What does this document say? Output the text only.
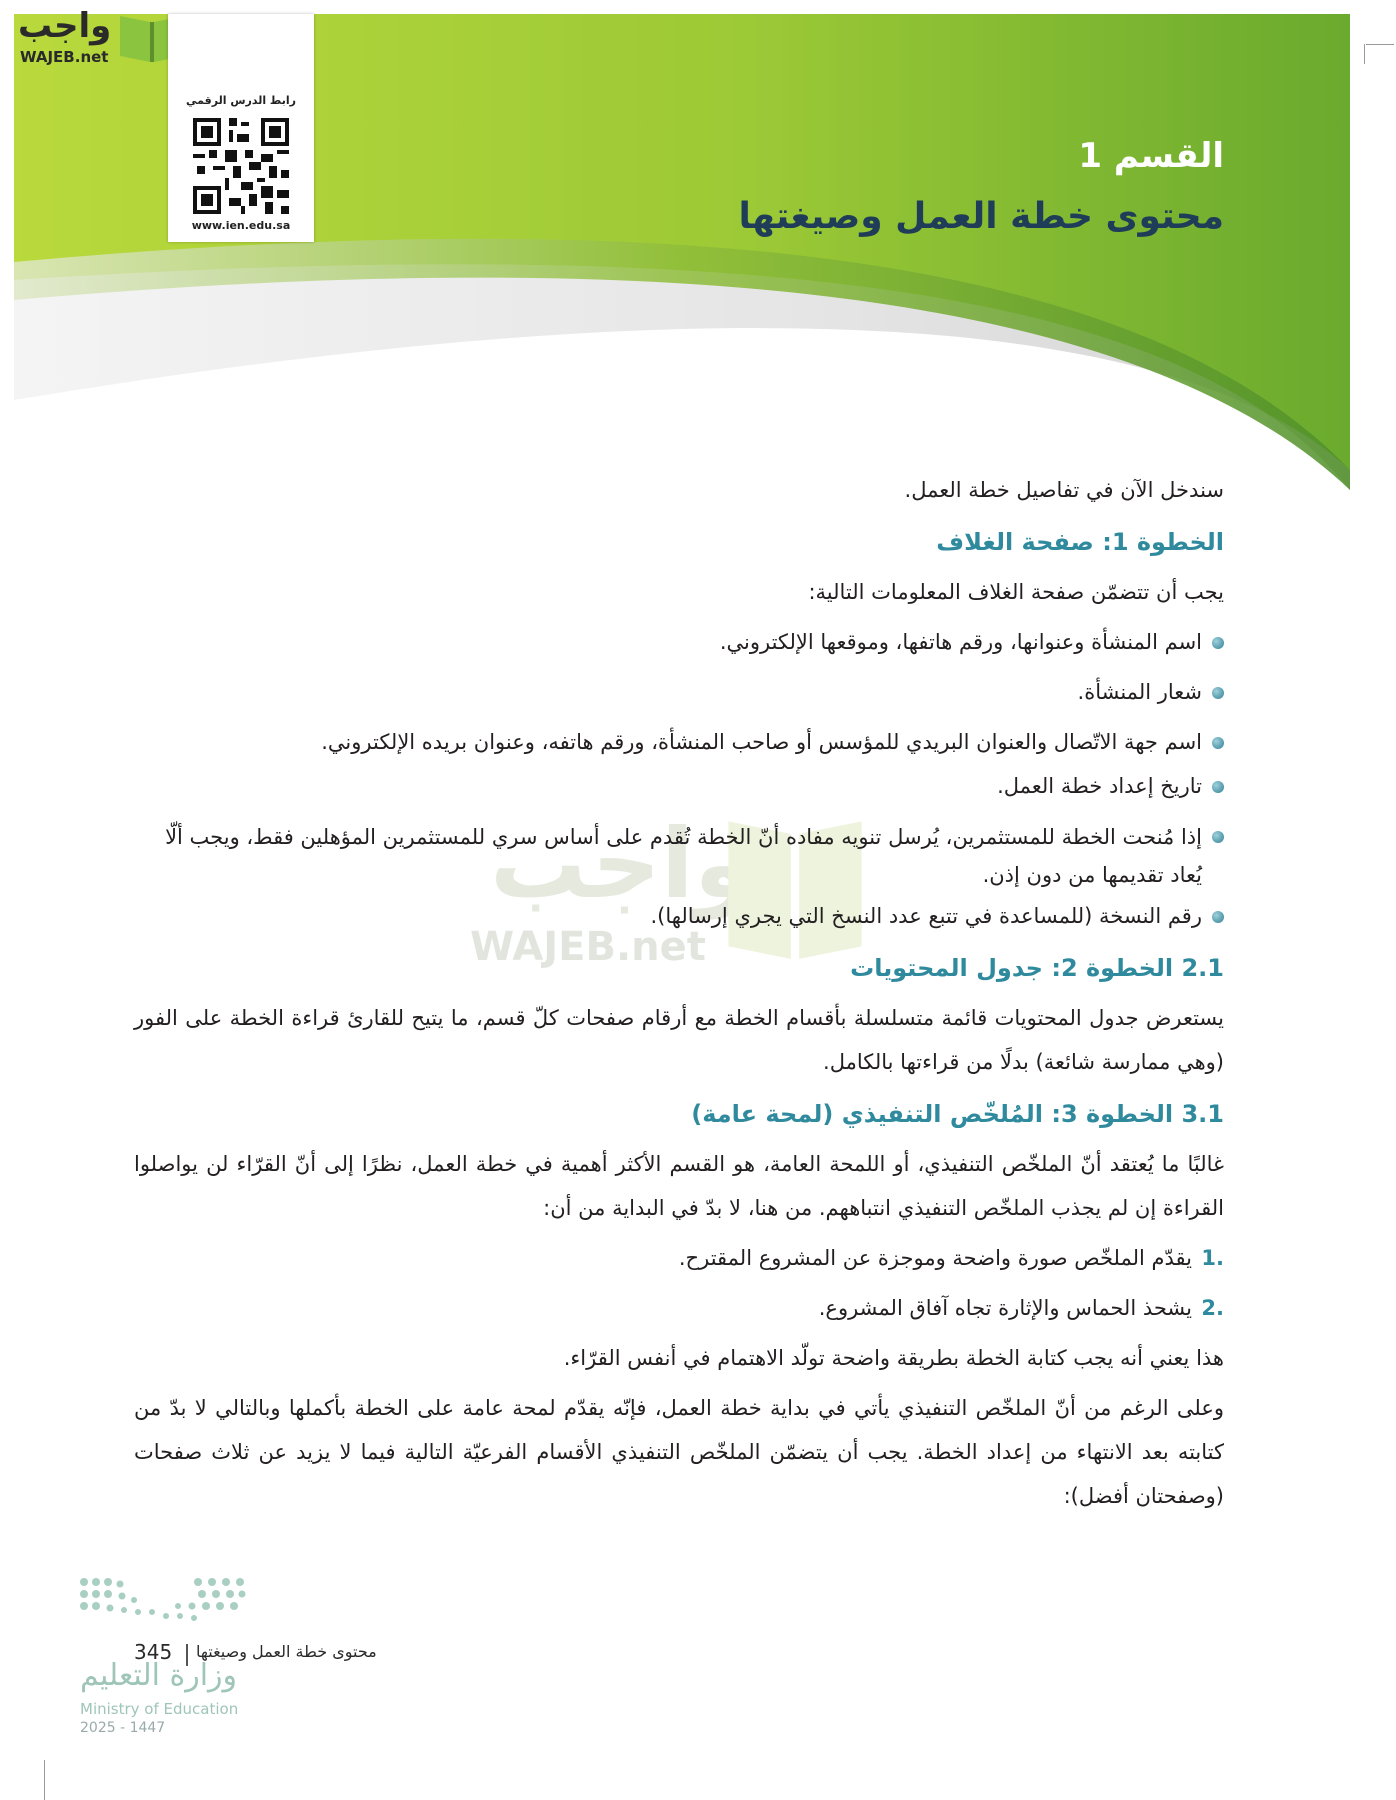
واجب
WAJEB.net
رابط الدرس الرقمي
www.ien.edu.sa
القسم 1
محتوى خطة العمل وصيغتها
واجب
WAJEB.net
سندخل الآن في تفاصيل خطة العمل.
الخطوة 1: صفحة الغلاف
يجب أن تتضمّن صفحة الغلاف المعلومات التالية:
اسم المنشأة وعنوانها، ورقم هاتفها، وموقعها الإلكتروني.
شعار المنشأة.
اسم جهة الاتّصال والعنوان البريدي للمؤسس أو صاحب المنشأة، ورقم هاتفه، وعنوان بريده الإلكتروني.
تاريخ إعداد خطة العمل.
إذا مُنحت الخطة للمستثمرين، يُرسل تنويه مفاده أنّ الخطة تُقدم على أساس سري للمستثمرين المؤهلين فقط، ويجب ألّا يُعاد تقديمها من دون إذن.
رقم النسخة (للمساعدة في تتبع عدد النسخ التي يجري إرسالها).
2.1 الخطوة 2: جدول المحتويات
يستعرض جدول المحتويات قائمة متسلسلة بأقسام الخطة مع أرقام صفحات كلّ قسم، ما يتيح للقارئ قراءة الخطة على الفور (وهي ممارسة شائعة) بدلًا من قراءتها بالكامل.
3.1 الخطوة 3: المُلخّص التنفيذي (لمحة عامة)
غالبًا ما يُعتقد أنّ الملخّص التنفيذي، أو اللمحة العامة، هو القسم الأكثر أهمية في خطة العمل، نظرًا إلى أنّ القرّاء لن يواصلوا القراءة إن لم يجذب الملخّص التنفيذي انتباههم. من هنا، لا بدّ في البداية من أن:
1.
يقدّم الملخّص صورة واضحة وموجزة عن المشروع المقترح.
2.
يشحذ الحماس والإثارة تجاه آفاق المشروع.
هذا يعني أنه يجب كتابة الخطة بطريقة واضحة تولّد الاهتمام في أنفس القرّاء.
وعلى الرغم من أنّ الملخّص التنفيذي يأتي في بداية خطة العمل، فإنّه يقدّم لمحة عامة على الخطة بأكملها وبالتالي لا بدّ من كتابته بعد الانتهاء من إعداد الخطة. يجب أن يتضمّن الملخّص التنفيذي الأقسام الفرعيّة التالية فيما لا يزيد عن ثلاث صفحات (وصفحتان أفضل):
345 محتوى خطة العمل وصيغتها
وزارة التعليم
Ministry of Education
2025 - 1447
